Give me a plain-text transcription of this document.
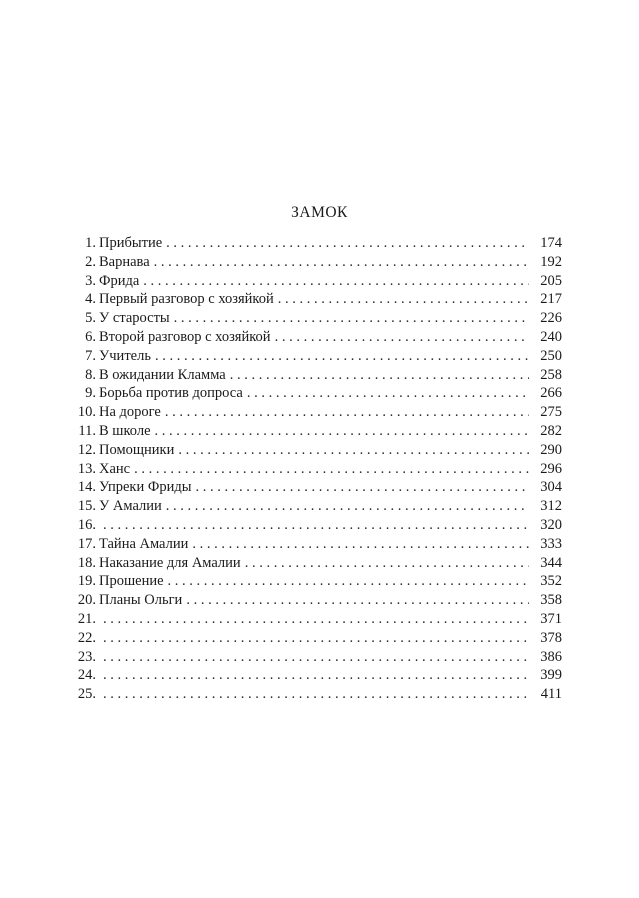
ЗАМОК
1. Прибытие . . .	174
2. Варнава . . .	192
3. Фрида . . .	205
4. Первый разговор с хозяйкой . . .	217
5. У старосты . . .	226
6. Второй разговор с хозяйкой . . .	240
7. Учитель . . .	250
8. В ожидании Кламма . . .	258
9. Борьба против допроса . . .	266
10. На дороге . . .	275
11. В школе . . .	282
12. Помощники . . .	290
13. Ханс . . .	296
14. Упреки Фриды . . .	304
15. У Амалии . . .	312
16. . . .	320
17. Тайна Амалии . . .	333
18. Наказание для Амалии . . .	344
19. Прошение . . .	352
20. Планы Ольги . . .	358
21. . . .	371
22. . . .	378
23. . . .	386
24. . . .	399
25. . . .	411
